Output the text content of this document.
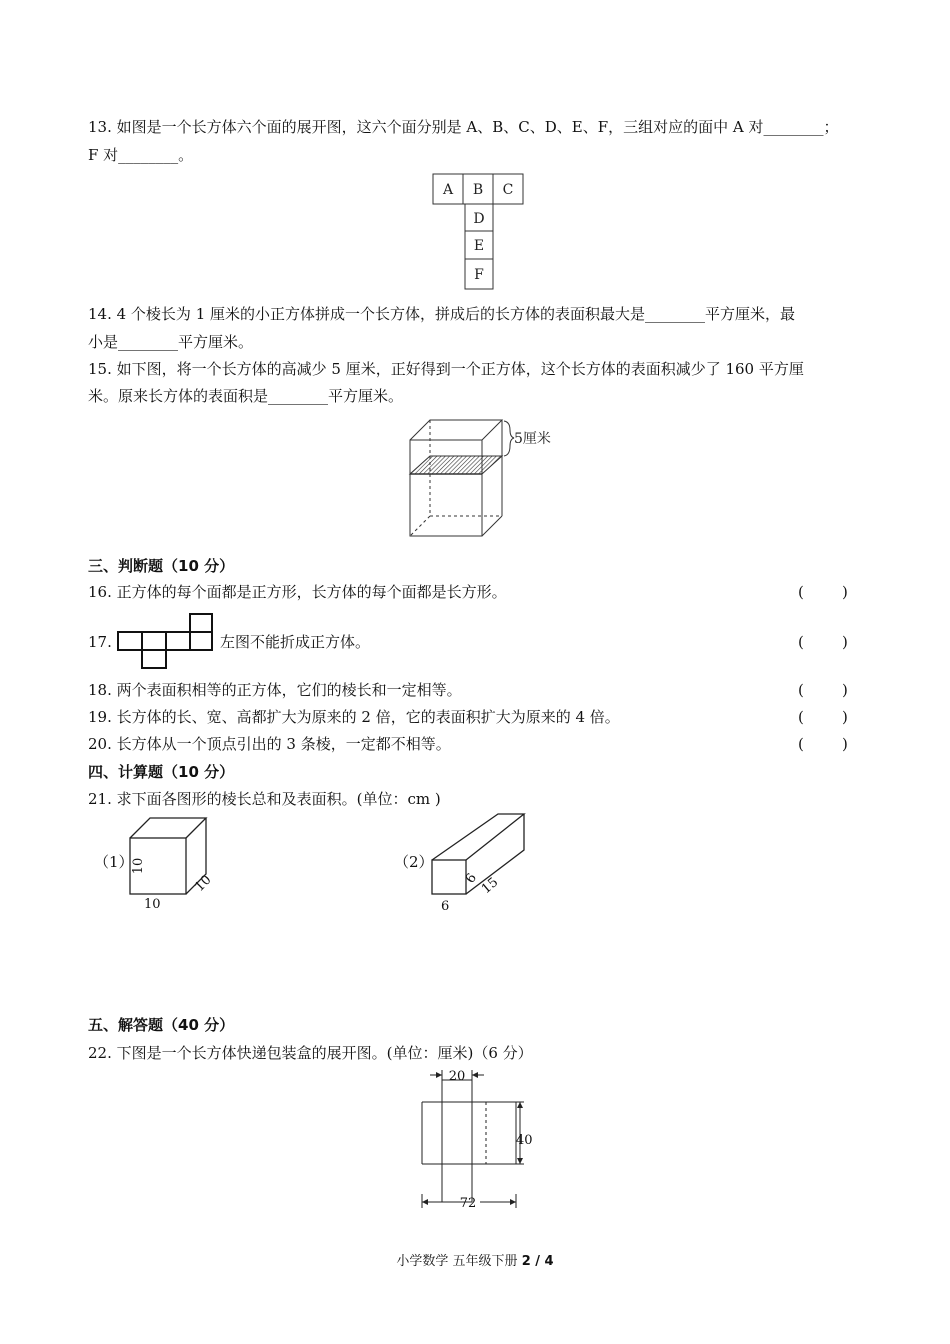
13. 如图是一个长方体六个面的展开图，这六个面分别是 A、B、C、D、E、F，三组对应的面中 A 对________；
F 对________。
A B C
D
E
F
14. 4 个棱长为 1 厘米的小正方体拼成一个长方体，拼成后的长方体的表面积最大是________平方厘米，最
小是________平方厘米。
15. 如下图，将一个长方体的高减少 5 厘米，正好得到一个正方体，这个长方体的表面积减少了 160 平方厘
米。原来长方体的表面积是________平方厘米。
5厘米
三、判断题（10 分）
16. 正方体的每个面都是正方形，长方体的每个面都是长方形。	(        )
17.	左图不能折成正方体。	(        )
18. 两个表面积相等的正方体，它们的棱长和一定相等。	(        )
19. 长方体的长、宽、高都扩大为原来的 2 倍，它的表面积扩大为原来的 4 倍。	(        )
20. 长方体从一个顶点引出的 3 条棱，一定都不相等。	(        )
四、计算题（10 分）
21. 求下面各图形的棱长总和及表面积。(单位：cm )
（1）
10
10
10
（2）
6
6
15
五、解答题（40 分）
22. 下图是一个长方体快递包装盒的展开图。(单位：厘米)（6 分）
20
40
72
小学数学 五年级下册 2 / 4
